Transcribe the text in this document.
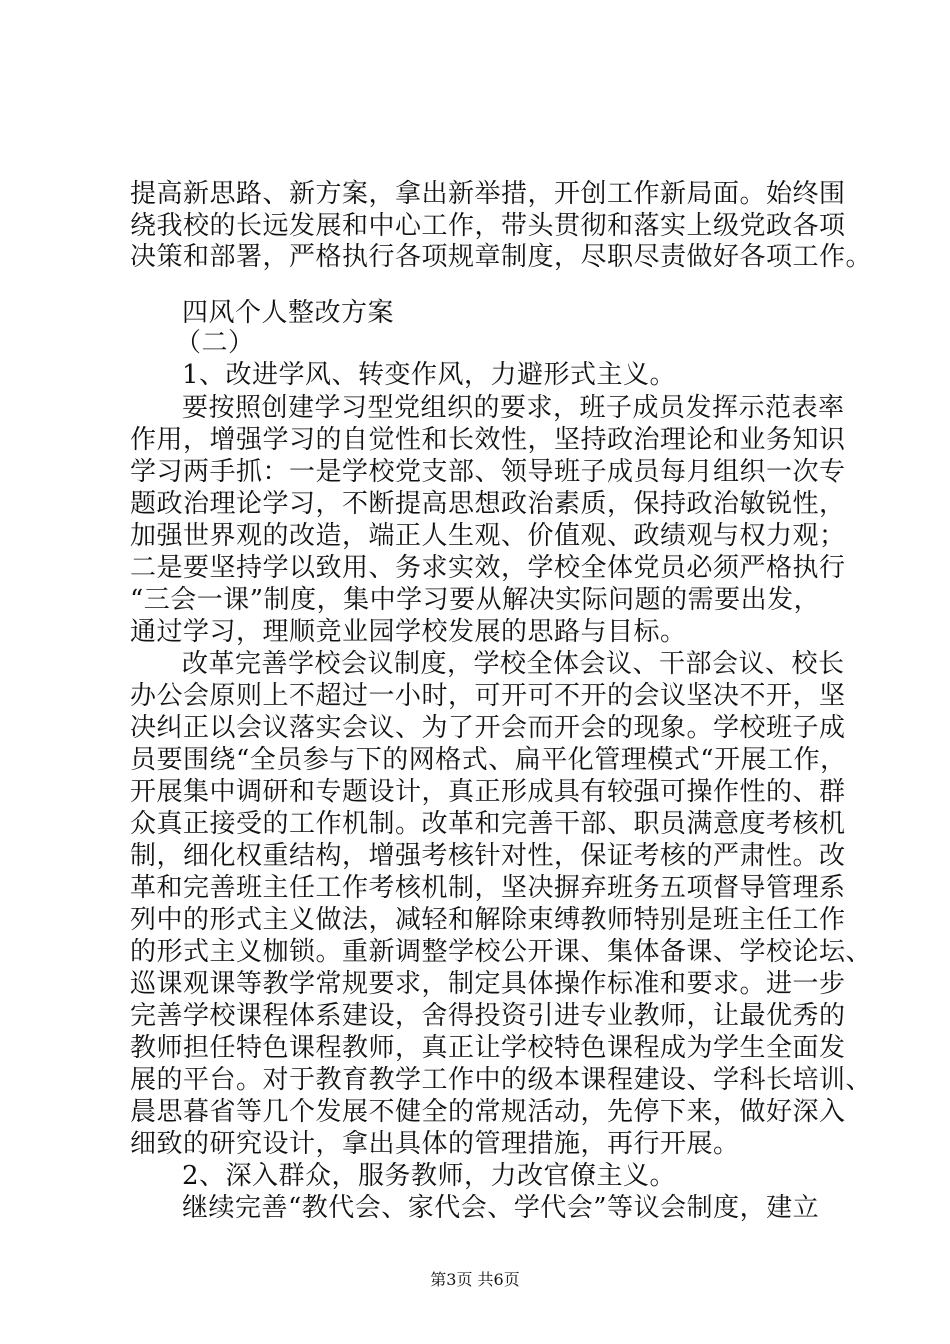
提高新思路、新方案，拿出新举措，开创工作新局面。始终围
绕我校的长远发展和中心工作，带头贯彻和落实上级党政各项
决策和部署，严格执行各项规章制度，尽职尽责做好各项工作。
四风个人整改方案
（二）
1、改进学风、转变作风，力避形式主义。
要按照创建学习型党组织的要求，班子成员发挥示范表率
作用，增强学习的自觉性和长效性，坚持政治理论和业务知识
学习两手抓：一是学校党支部、领导班子成员每月组织一次专
题政治理论学习，不断提高思想政治素质，保持政治敏锐性，
加强世界观的改造，端正人生观、价值观、政绩观与权力观；
二是要坚持学以致用、务求实效，学校全体党员必须严格执行
“三会一课”制度，集中学习要从解决实际问题的需要出发，
通过学习，理顺竞业园学校发展的思路与目标。
改革完善学校会议制度，学校全体会议、干部会议、校长
办公会原则上不超过一小时，可开可不开的会议坚决不开，坚
决纠正以会议落实会议、为了开会而开会的现象。学校班子成
员要围绕“全员参与下的网格式、扁平化管理模式“开展工作，
开展集中调研和专题设计，真正形成具有较强可操作性的、群
众真正接受的工作机制。改革和完善干部、职员满意度考核机
制，细化权重结构，增强考核针对性，保证考核的严肃性。改
革和完善班主任工作考核机制，坚决摒弃班务五项督导管理系
列中的形式主义做法，减轻和解除束缚教师特别是班主任工作
的形式主义枷锁。重新调整学校公开课、集体备课、学校论坛、
巡课观课等教学常规要求，制定具体操作标准和要求。进一步
完善学校课程体系建设，舍得投资引进专业教师，让最优秀的
教师担任特色课程教师，真正让学校特色课程成为学生全面发
展的平台。对于教育教学工作中的级本课程建设、学科长培训、
晨思暮省等几个发展不健全的常规活动，先停下来，做好深入
细致的研究设计，拿出具体的管理措施，再行开展。
2、深入群众，服务教师，力改官僚主义。
继续完善“教代会、家代会、学代会”等议会制度，建立
第3页 共6页
